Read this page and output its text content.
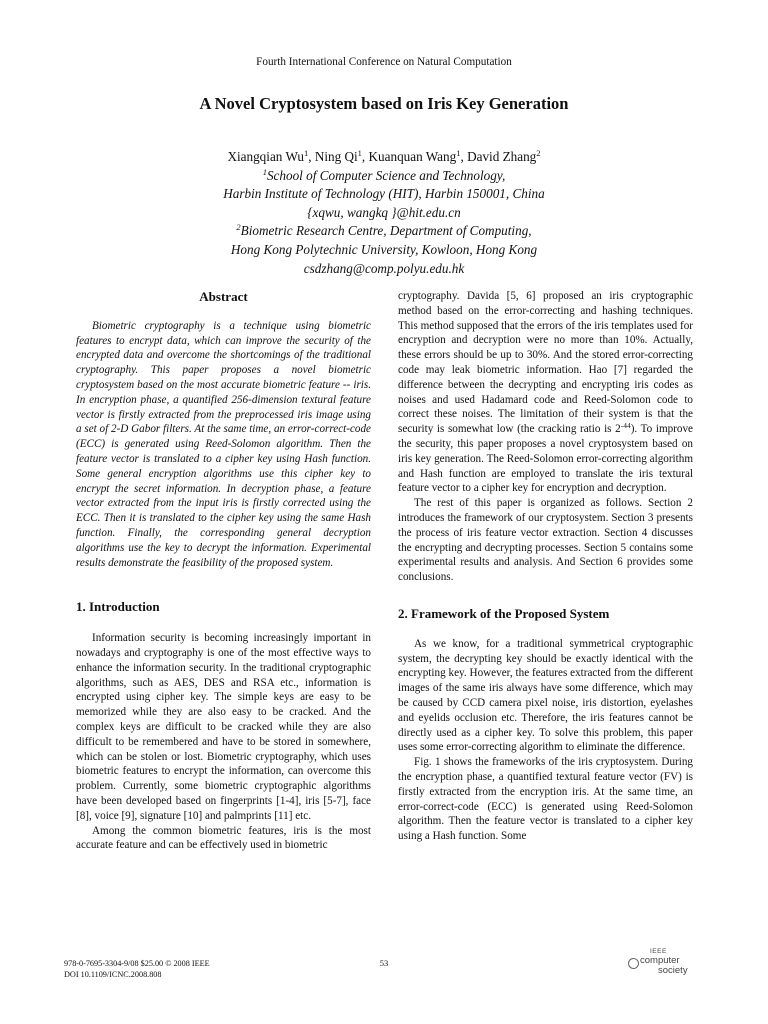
Fourth International Conference on Natural Computation
A Novel Cryptosystem based on Iris Key Generation
Xiangqian Wu$^1$, Ning Qi$^1$, Kuanquan Wang$^1$, David Zhang$^2$
$^1$School of Computer Science and Technology,
Harbin Institute of Technology (HIT), Harbin 150001, China
{xqwu, wangkq }@hit.edu.cn
$^2$Biometric Research Centre, Department of Computing,
Hong Kong Polytechnic University, Kowloon, Hong Kong
csdzhang@comp.polyu.edu.hk
Abstract

Biometric cryptography is a technique using biometric features to encrypt data, which can improve the security of the encrypted data and overcome the shortcomings of the traditional cryptography. This paper proposes a novel biometric cryptosystem based on the most accurate biometric feature -- iris. In encryption phase, a quantified 256-dimension textural feature vector is firstly extracted from the preprocessed iris image using a set of 2-D Gabor filters. At the same time, an error-correct-code (ECC) is generated using Reed-Solomon algorithm. Then the feature vector is translated to a cipher key using Hash function. Some general encryption algorithms use this cipher key to encrypt the secret information. In decryption phase, a feature vector extracted from the input iris is firstly corrected using the ECC. Then it is translated to the cipher key using the same Hash function. Finally, the corresponding general decryption algorithms use the key to decrypt the information. Experimental results demonstrate the feasibility of the proposed system.

1. Introduction

Information security is becoming increasingly important in nowadays and cryptography is one of the most effective ways to enhance the information security. In the traditional cryptographic algorithms, such as AES, DES and RSA etc., information is encrypted using cipher key. The simple keys are easy to be memorized while they are also easy to be cracked. And the complex keys are difficult to be cracked while they are also difficult to be remembered and have to be stored in somewhere, which can be stolen or lost. Biometric cryptography, which uses biometric features to encrypt the information, can overcome this problem. Currently, some biometric cryptographic algorithms have been developed based on fingerprints [1-4], iris [5-7], face [8], voice [9], signature [10] and palmprints [11] etc.

Among the common biometric features, iris is the most accurate feature and can be effectively used in biometric

cryptography. Davida [5, 6] proposed an iris cryptographic method based on the error-correcting and hashing techniques. This method supposed that the errors of the iris templates used for encryption and decryption were no more than 10%. Actually, these errors should be up to 30%. And the stored error-correcting code may leak biometric information. Hao [7] regarded the difference between the decrypting and encrypting iris codes as noises and used Hadamard code and Reed-Solomon code to correct these noises. The limitation of their system is that the security is somewhat low (the cracking ratio is $2^{-44}$). To improve the security, this paper proposes a novel cryptosystem based on iris key generation. The Reed-Solomon error-correcting algorithm and Hash function are employed to translate the iris textural feature vector to a cipher key for encryption and decryption.

The rest of this paper is organized as follows. Section 2 introduces the framework of our cryptosystem. Section 3 presents the process of iris feature vector extraction. Section 4 discusses the encrypting and decrypting processes. Section 5 contains some experimental results and analysis. And Section 6 provides some conclusions.

2. Framework of the Proposed System

As we know, for a traditional symmetrical cryptographic system, the decrypting key should be exactly identical with the encrypting key. However, the features extracted from the different images of the same iris always have some difference, which may be caused by CCD camera pixel noise, iris distortion, eyelashes and eyelids occlusion etc. Therefore, the iris features cannot be directly used as a cipher key. To solve this problem, this paper uses some error-correcting algorithm to eliminate the difference.

Fig. 1 shows the frameworks of the iris cryptosystem. During the encryption phase, a quantified textural feature vector (FV) is firstly extracted from the encryption iris. At the same time, an error-correct-code (ECC) is generated using Reed-Solomon algorithm. Then the feature vector is translated to a cipher key using a Hash function. Some

978-0-7695-3304-9/08 $25.00 © 2008 IEEE
DOI 10.1109/ICNC.2008.808
53
IEEE
computer
society
